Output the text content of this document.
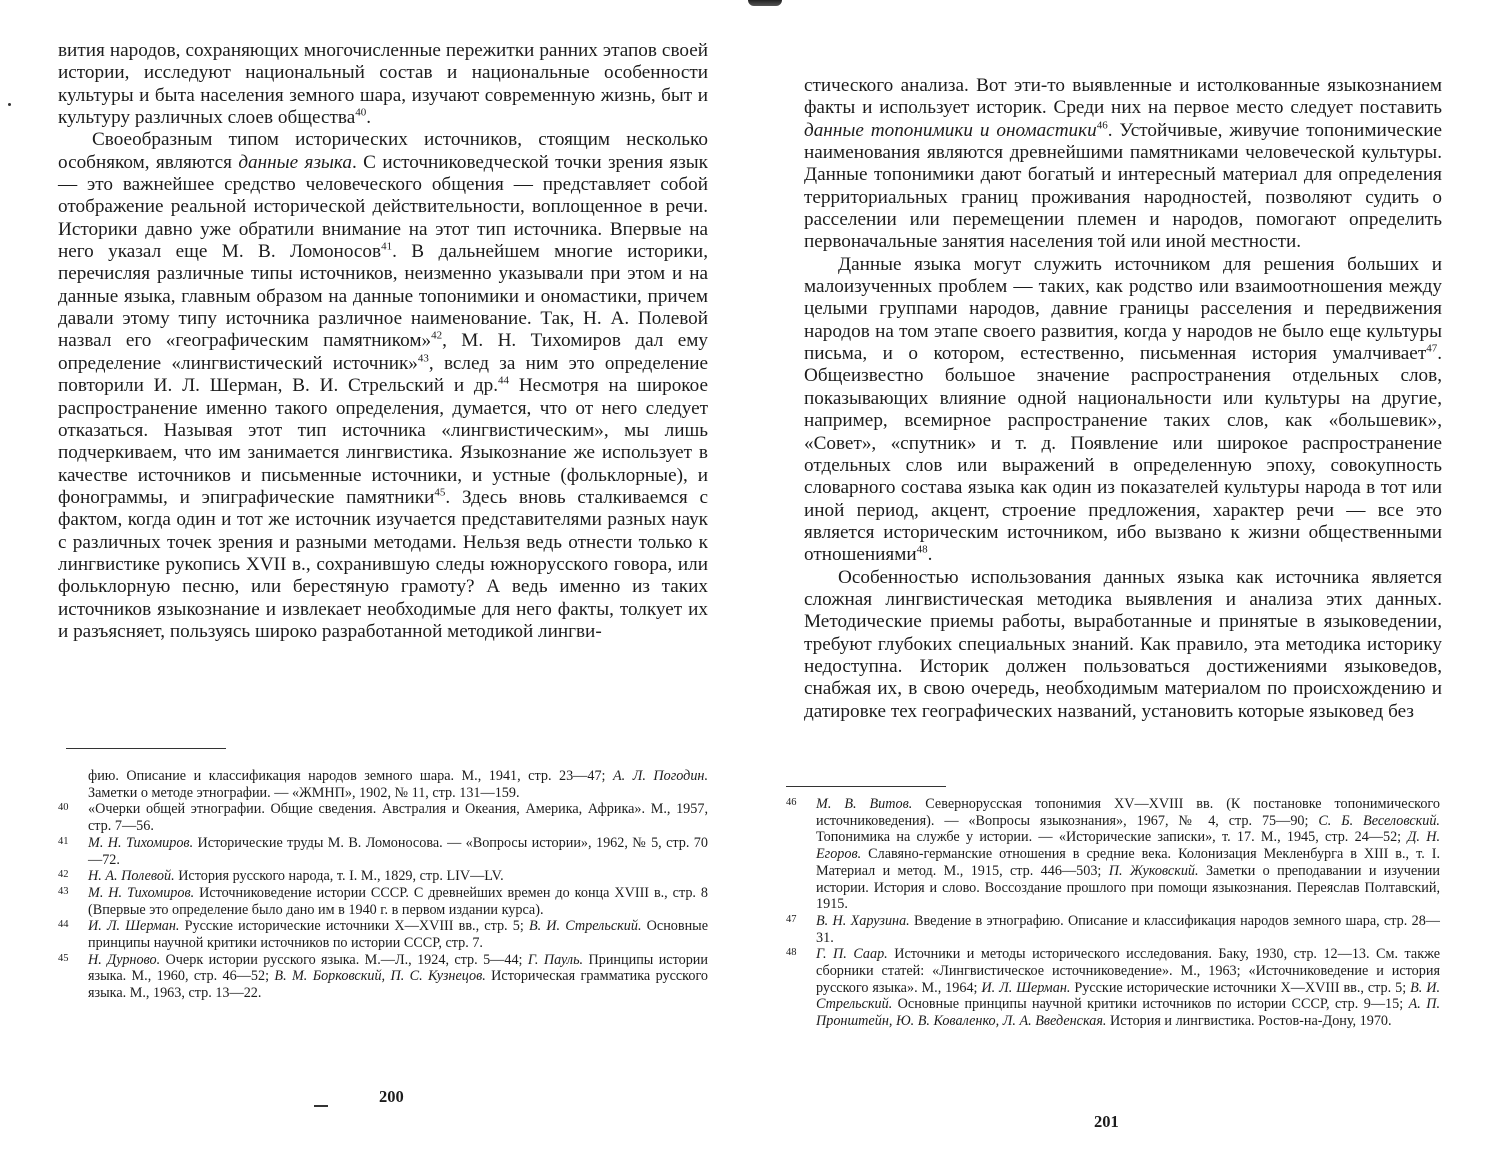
вития народов, сохраняющих многочисленные пережитки ранних этапов своей истории, исследуют национальный состав и национальные особенности культуры и быта населения земного шара, изучают современную жизнь, быт и культуру различных слоев общества$^{40}$.

Своеобразным типом исторических источников, стоящим несколько особняком, являются данные языка. С источниковедческой точки зрения язык — это важнейшее средство человеческого общения — представляет собой отображение реальной исторической действительности, воплощенное в речи. Историки давно уже обратили внимание на этот тип источника. Впервые на него указал еще М. В. Ломоносов$^{41}$. В дальнейшем многие историки, перечисляя различные типы источников, неизменно указывали при этом и на данные языка, главным образом на данные топонимики и ономастики, причем давали этому типу источника различное наименование. Так, Н. А. Полевой назвал его «географическим памятником»$^{42}$, М. Н. Тихомиров дал ему определение «лингвистический источник»$^{43}$, вслед за ним это определение повторили И. Л. Шерман, В. И. Стрельский и др.$^{44}$ Несмотря на широкое распространение именно такого определения, думается, что от него следует отказаться. Называя этот тип источника «лингвистическим», мы лишь подчеркиваем, что им занимается лингвистика. Языкознание же использует в качестве источников и письменные источники, и устные (фольклорные), и фонограммы, и эпиграфические памятники$^{45}$. Здесь вновь сталкиваемся с фактом, когда один и тот же источник изучается представителями разных наук с различных точек зрения и разными методами. Нельзя ведь отнести только к лингвистике рукопись XVII в., сохранившую следы южнорусского говора, или фольклорную песню, или берестяную грамоту? А ведь именно из таких источников языкознание и извлекает необходимые для него факты, толкует их и разъясняет, пользуясь широко разработанной методикой лингви-

фию. Описание и классификация народов земного шара. М., 1941, стр. 23—47; А. Л. Погодин. Заметки о методе этнографии. — «ЖМНП», 1902, № 11, стр. 131—159.
40 «Очерки общей этнографии. Общие сведения. Австралия и Океания, Америка, Африка». М., 1957, стр. 7—56.
41 М. Н. Тихомиров. Исторические труды М. В. Ломоносова. — «Вопросы истории», 1962, № 5, стр. 70—72.
42 Н. А. Полевой. История русского народа, т. I. М., 1829, стр. LIV—LV.
43 М. Н. Тихомиров. Источниковедение истории СССР. С древнейших времен до конца XVIII в., стр. 8 (Впервые это определение было дано им в 1940 г. в первом издании курса).
44 И. Л. Шерман. Русские исторические источники X—XVIII вв., стр. 5; В. И. Стрельский. Основные принципы научной критики источников по истории СССР, стр. 7.
45 Н. Дурново. Очерк истории русского языка. М.—Л., 1924, стр. 5—44; Г. Пауль. Принципы истории языка. М., 1960, стр. 46—52; В. М. Борковский, П. С. Кузнецов. Историческая грамматика русского языка. М., 1963, стр. 13—22.
200

стического анализа. Вот эти-то выявленные и истолкованные языкознанием факты и использует историк. Среди них на первое место следует поставить данные топонимики и ономастики$^{46}$. Устойчивые, живучие топонимические наименования являются древнейшими памятниками человеческой культуры. Данные топонимики дают богатый и интересный материал для определения территориальных границ проживания народностей, позволяют судить о расселении или перемещении племен и народов, помогают определить первоначальные занятия населения той или иной местности.

Данные языка могут служить источником для решения больших и малоизученных проблем — таких, как родство или взаимоотношения между целыми группами народов, давние границы расселения и передвижения народов на том этапе своего развития, когда у народов не было еще культуры письма, и о котором, естественно, письменная история умалчивает$^{47}$. Общеизвестно большое значение распространения отдельных слов, показывающих влияние одной национальности или культуры на другие, например, всемирное распространение таких слов, как «большевик», «Совет», «спутник» и т. д. Появление или широкое распространение отдельных слов или выражений в определенную эпоху, совокупность словарного состава языка как один из показателей культуры народа в тот или иной период, акцент, строение предложения, характер речи — все это является историческим источником, ибо вызвано к жизни общественными отношениями$^{48}$.

Особенностью использования данных языка как источника является сложная лингвистическая методика выявления и анализа этих данных. Методические приемы работы, выработанные и принятые в языковедении, требуют глубоких специальных знаний. Как правило, эта методика историку недоступна. Историк должен пользоваться достижениями языковедов, снабжая их, в свою очередь, необходимым материалом по происхождению и датировке тех географических названий, установить которые языковед без

46 М. В. Витов. Севернорусская топонимия XV—XVIII вв. (К постановке топонимического источниковедения). — «Вопросы языкознания», 1967, № 4, стр. 75—90; С. Б. Веселовский. Топонимика на службе у истории. — «Исторические записки», т. 17. М., 1945, стр. 24—52; Д. Н. Егоров. Славяно-германские отношения в средние века. Колонизация Мекленбурга в XIII в., т. I. Материал и метод. М., 1915, стр. 446—503; П. Жуковский. Заметки о преподавании и изучении истории. История и слово. Воссоздание прошлого при помощи языкознания. Переяслав Полтавский, 1915.
47 В. Н. Харузина. Введение в этнографию. Описание и классификация народов земного шара, стр. 28—31.
48 Г. П. Саар. Источники и методы исторического исследования. Баку, 1930, стр. 12—13. См. также сборники статей: «Лингвистическое источниковедение». М., 1963; «Источниковедение и история русского языка». М., 1964; И. Л. Шерман. Русские исторические источники X—XVIII вв., стр. 5; В. И. Стрельский. Основные принципы научной критики источников по истории СССР, стр. 9—15; А. П. Пронштейн, Ю. В. Коваленко, Л. А. Введенская. История и лингвистика. Ростов-на-Дону, 1970.
201
